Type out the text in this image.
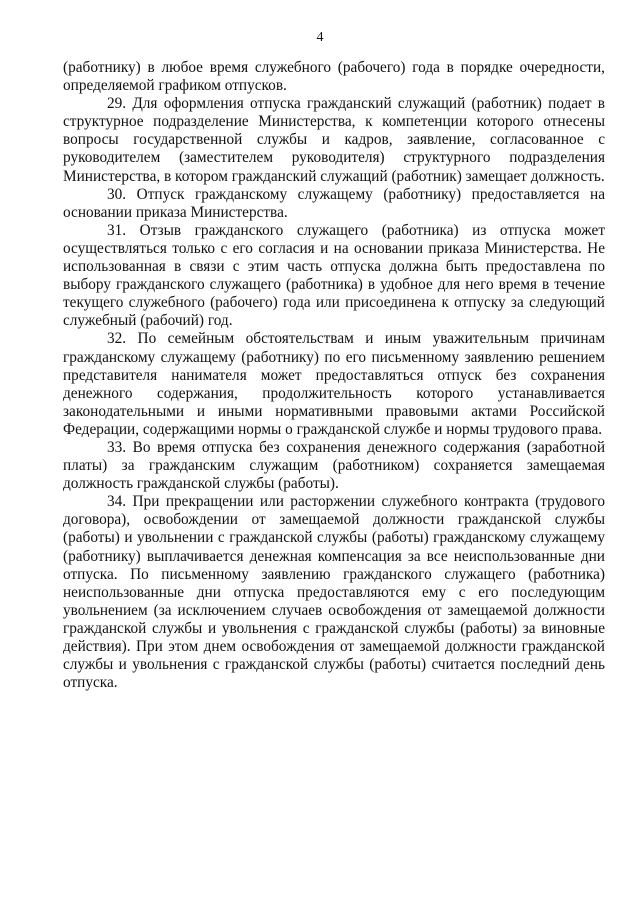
4

(работнику) в любое время служебного (рабочего) года в порядке очередности, определяемой графиком отпусков.

29. Для оформления отпуска гражданский служащий (работник) подает в структурное подразделение Министерства, к компетенции которого отнесены вопросы государственной службы и кадров, заявление, согласованное с руководителем (заместителем руководителя) структурного подразделения Министерства, в котором гражданский служащий (работник) замещает должность.

30. Отпуск гражданскому служащему (работнику) предоставляется на основании приказа Министерства.

31. Отзыв гражданского служащего (работника) из отпуска может осуществляться только с его согласия и на основании приказа Министерства. Не использованная в связи с этим часть отпуска должна быть предоставлена по выбору гражданского служащего (работника) в удобное для него время в течение текущего служебного (рабочего) года или присоединена к отпуску за следующий служебный (рабочий) год.

32. По семейным обстоятельствам и иным уважительным причинам гражданскому служащему (работнику) по его письменному заявлению решением представителя нанимателя может предоставляться отпуск без сохранения денежного содержания, продолжительность которого устанавливается законодательными и иными нормативными правовыми актами Российской Федерации, содержащими нормы о гражданской службе и нормы трудового права.

33. Во время отпуска без сохранения денежного содержания (заработной платы) за гражданским служащим (работником) сохраняется замещаемая должность гражданской службы (работы).

34. При прекращении или расторжении служебного контракта (трудового договора), освобождении от замещаемой должности гражданской службы (работы) и увольнении с гражданской службы (работы) гражданскому служащему (работнику) выплачивается денежная компенсация за все неиспользованные дни отпуска. По письменному заявлению гражданского служащего (работника) неиспользованные дни отпуска предоставляются ему с его последующим увольнением (за исключением случаев освобождения от замещаемой должности гражданской службы и увольнения с гражданской службы (работы) за виновные действия). При этом днем освобождения от замещаемой должности гражданской службы и увольнения с гражданской службы (работы) считается последний день отпуска.
